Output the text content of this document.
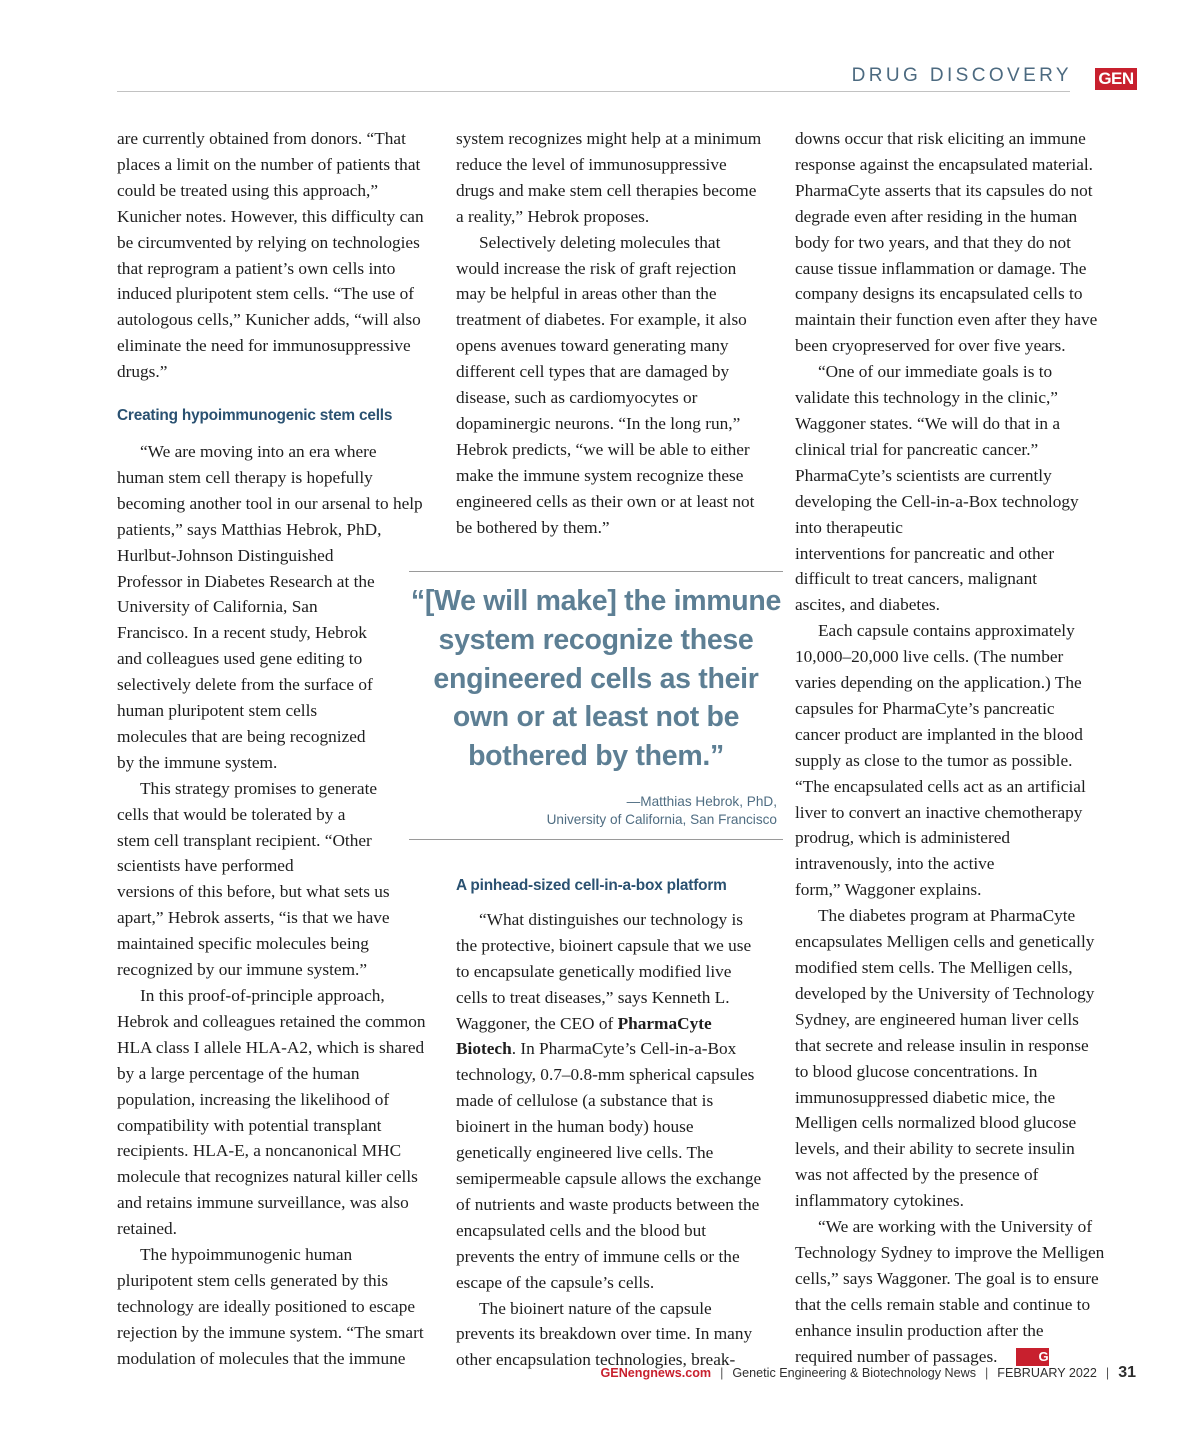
DRUG DISCOVERY GEN

are currently obtained from donors. “That places a limit on the number of patients that could be treated using this approach,” Kunicher notes. However, this difficulty can be circumvented by relying on technologies that reprogram a patient’s own cells into induced pluripotent stem cells. “The use of autologous cells,” Kunicher adds, “will also eliminate the need for immunosuppressive drugs.”

Creating hypoimmunogenic stem cells

“We are moving into an era where human stem cell therapy is hopefully becoming another tool in our arsenal to help patients,” says Matthias Hebrok, PhD,

Hurlbut-Johnson Distinguished Professor in Diabetes Research at the University of California, San Francisco. In a recent study, Hebrok and colleagues used gene editing to selectively delete from the surface of human pluripotent stem cells molecules that are being recognized by the immune system.

This strategy promises to generate cells that would be tolerated by a stem cell transplant recipient. “Other scientists have performed

versions of this before, but what sets us apart,” Hebrok asserts, “is that we have maintained specific molecules being recognized by our immune system.”

In this proof-of-principle approach, Hebrok and colleagues retained the common HLA class I allele HLA-A2, which is shared by a large percentage of the human population, increasing the likelihood of compatibility with potential transplant recipients. HLA-E, a noncanonical MHC molecule that recognizes natural killer cells and retains immune surveillance, was also retained.

The hypoimmunogenic human pluripotent stem cells generated by this technology are ideally positioned to escape rejection by the immune system. “The smart modulation of molecules that the immune

system recognizes might help at a minimum reduce the level of immunosuppressive drugs and make stem cell therapies become a reality,” Hebrok proposes.

Selectively deleting molecules that would increase the risk of graft rejection may be helpful in areas other than the treatment of diabetes. For example, it also opens avenues toward generating many different cell types that are damaged by disease, such as cardiomyocytes or dopaminergic neurons. “In the long run,” Hebrok predicts, “we will be able to either make the immune system recognize these engineered cells as their own or at least not be bothered by them.”

“[We will make] the immune system recognize these engineered cells as their own or at least not be bothered by them.”
—Matthias Hebrok, PhD,
University of California, San Francisco
A pinhead-sized cell-in-a-box platform

“What distinguishes our technology is the protective, bioinert capsule that we use to encapsulate genetically modified live cells to treat diseases,” says Kenneth L. Waggoner, the CEO of PharmaCyte Biotech. In PharmaCyte’s Cell-in-a-Box technology, 0.7–0.8-mm spherical capsules made of cellulose (a substance that is bioinert in the human body) house genetically engineered live cells. The semipermeable capsule allows the exchange of nutrients and waste products between the encapsulated cells and the blood but prevents the entry of immune cells or the escape of the capsule’s cells.

The bioinert nature of the capsule prevents its breakdown over time. In many other encapsulation technologies, break-

downs occur that risk eliciting an immune response against the encapsulated material. PharmaCyte asserts that its capsules do not degrade even after residing in the human body for two years, and that they do not cause tissue inflammation or damage. The company designs its encapsulated cells to maintain their function even after they have been cryopreserved for over five years.

“One of our immediate goals is to validate this technology in the clinic,” Waggoner states. “We will do that in a clinical trial for pancreatic cancer.” PharmaCyte’s scientists are currently developing the Cell-in-a-Box technology into therapeutic

interventions for pancreatic and other difficult to treat cancers, malignant ascites, and diabetes.

Each capsule contains approximately 10,000–20,000 live cells. (The number varies depending on the application.) The capsules for PharmaCyte’s pancreatic cancer product are implanted in the blood supply as close to the tumor as possible. “The encapsulated cells act as an artificial liver to convert an inactive chemotherapy prodrug, which is administered intravenously, into the active

form,” Waggoner explains.

The diabetes program at PharmaCyte encapsulates Melligen cells and genetically modified stem cells. The Melligen cells, developed by the University of Technology Sydney, are engineered human liver cells that secrete and release insulin in response to blood glucose concentrations. In immunosuppressed diabetic mice, the Melligen cells normalized blood glucose levels, and their ability to secrete insulin was not affected by the presence of inflammatory cytokines.

“We are working with the University of Technology Sydney to improve the Melligen cells,” says Waggoner. The goal is to ensure that the cells remain stable and continue to enhance insulin production after the required number of passages.	GEN

GENengnews.com | Genetic Engineering & Biotechnology News | FEBRUARY 2022 | 31
